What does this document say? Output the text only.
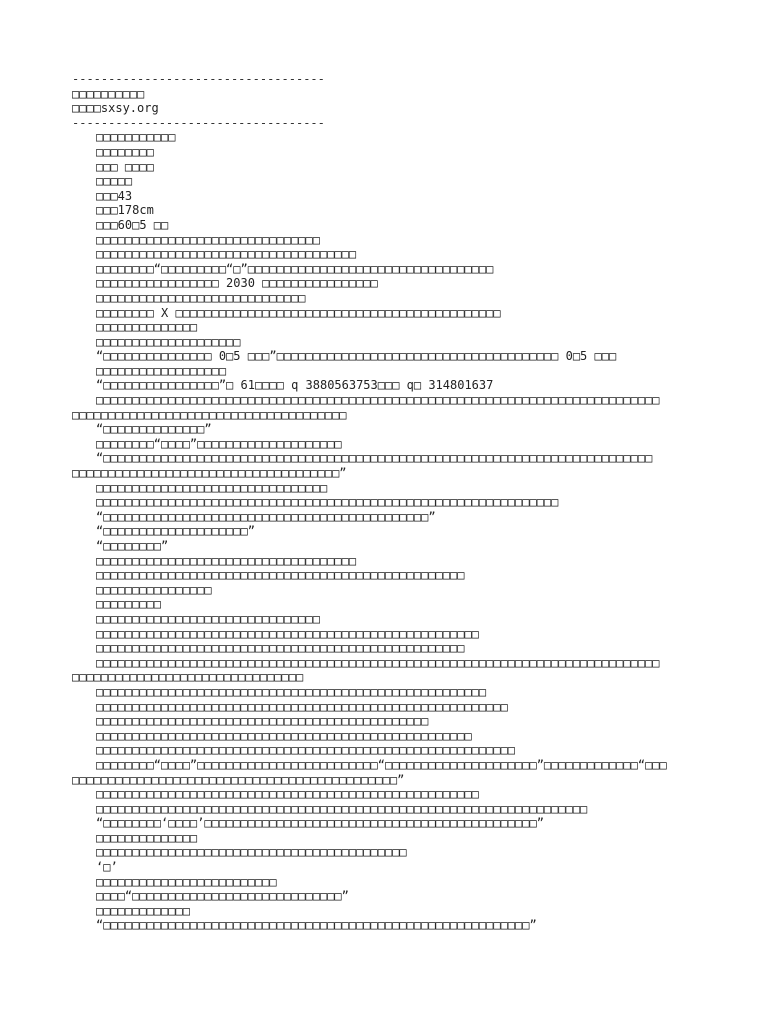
-----------------------------------
□□□□□□□□□□
□□□□sxsy.org
-----------------------------------
□□□□□□□□□□□
□□□□□□□□
□□□ □□□□
□□□□□
□□□43
□□□178cm
□□□60□5 □□
□□□□□□□□□□□□□□□□□□□□□□□□□□□□□□□
□□□□□□□□□□□□□□□□□□□□□□□□□□□□□□□□□□□□
□□□□□□□□“□□□□□□□□□“□”□□□□□□□□□□□□□□□□□□□□□□□□□□□□□□□□□□
□□□□□□□□□□□□□□□□□ 2030 □□□□□□□□□□□□□□□□
□□□□□□□□□□□□□□□□□□□□□□□□□□□□□
□□□□□□□□ X □□□□□□□□□□□□□□□□□□□□□□□□□□□□□□□□□□□□□□□□□□□□□
□□□□□□□□□□□□□□
□□□□□□□□□□□□□□□□□□□□
“□□□□□□□□□□□□□□□ 0□5 □□□”□□□□□□□□□□□□□□□□□□□□□□□□□□□□□□□□□□□□□□□ 0□5 □□□
□□□□□□□□□□□□□□□□□□
“□□□□□□□□□□□□□□□□”□ 61□□□□ q 3880563753□□□ q□ 314801637
□□□□□□□□□□□□□□□□□□□□□□□□□□□□□□□□□□□□□□□□□□□□□□□□□□□□□□□□□□□□□□□□□□□□□□□□□□□□□□
□□□□□□□□□□□□□□□□□□□□□□□□□□□□□□□□□□□□□□
“□□□□□□□□□□□□□□”
□□□□□□□□“□□□□”□□□□□□□□□□□□□□□□□□□□
“□□□□□□□□□□□□□□□□□□□□□□□□□□□□□□□□□□□□□□□□□□□□□□□□□□□□□□□□□□□□□□□□□□□□□□□□□□□□
□□□□□□□□□□□□□□□□□□□□□□□□□□□□□□□□□□□□□”
□□□□□□□□□□□□□□□□□□□□□□□□□□□□□□□□
□□□□□□□□□□□□□□□□□□□□□□□□□□□□□□□□□□□□□□□□□□□□□□□□□□□□□□□□□□□□□□□□
“□□□□□□□□□□□□□□□□□□□□□□□□□□□□□□□□□□□□□□□□□□□□□”
“□□□□□□□□□□□□□□□□□□□□”
“□□□□□□□□”
□□□□□□□□□□□□□□□□□□□□□□□□□□□□□□□□□□□□
□□□□□□□□□□□□□□□□□□□□□□□□□□□□□□□□□□□□□□□□□□□□□□□□□□□
□□□□□□□□□□□□□□□□
□□□□□□□□□
□□□□□□□□□□□□□□□□□□□□□□□□□□□□□□□
□□□□□□□□□□□□□□□□□□□□□□□□□□□□□□□□□□□□□□□□□□□□□□□□□□□□□
□□□□□□□□□□□□□□□□□□□□□□□□□□□□□□□□□□□□□□□□□□□□□□□□□□□
□□□□□□□□□□□□□□□□□□□□□□□□□□□□□□□□□□□□□□□□□□□□□□□□□□□□□□□□□□□□□□□□□□□□□□□□□□□□□□
□□□□□□□□□□□□□□□□□□□□□□□□□□□□□□□□
□□□□□□□□□□□□□□□□□□□□□□□□□□□□□□□□□□□□□□□□□□□□□□□□□□□□□□
□□□□□□□□□□□□□□□□□□□□□□□□□□□□□□□□□□□□□□□□□□□□□□□□□□□□□□□□□
□□□□□□□□□□□□□□□□□□□□□□□□□□□□□□□□□□□□□□□□□□□□□□
□□□□□□□□□□□□□□□□□□□□□□□□□□□□□□□□□□□□□□□□□□□□□□□□□□□□
□□□□□□□□□□□□□□□□□□□□□□□□□□□□□□□□□□□□□□□□□□□□□□□□□□□□□□□□□□
□□□□□□□□“□□□□”□□□□□□□□□□□□□□□□□□□□□□□□□“□□□□□□□□□□□□□□□□□□□□□”□□□□□□□□□□□□□“□□□
□□□□□□□□□□□□□□□□□□□□□□□□□□□□□□□□□□□□□□□□□□□□□”
□□□□□□□□□□□□□□□□□□□□□□□□□□□□□□□□□□□□□□□□□□□□□□□□□□□□□
□□□□□□□□□□□□□□□□□□□□□□□□□□□□□□□□□□□□□□□□□□□□□□□□□□□□□□□□□□□□□□□□□□□□
“□□□□□□□□‘□□□□’□□□□□□□□□□□□□□□□□□□□□□□□□□□□□□□□□□□□□□□□□□□□□□”
□□□□□□□□□□□□□□
□□□□□□□□□□□□□□□□□□□□□□□□□□□□□□□□□□□□□□□□□□□
‘□’
□□□□□□□□□□□□□□□□□□□□□□□□□
□□□□“□□□□□□□□□□□□□□□□□□□□□□□□□□□□□”
□□□□□□□□□□□□□
“□□□□□□□□□□□□□□□□□□□□□□□□□□□□□□□□□□□□□□□□□□□□□□□□□□□□□□□□□□□”
